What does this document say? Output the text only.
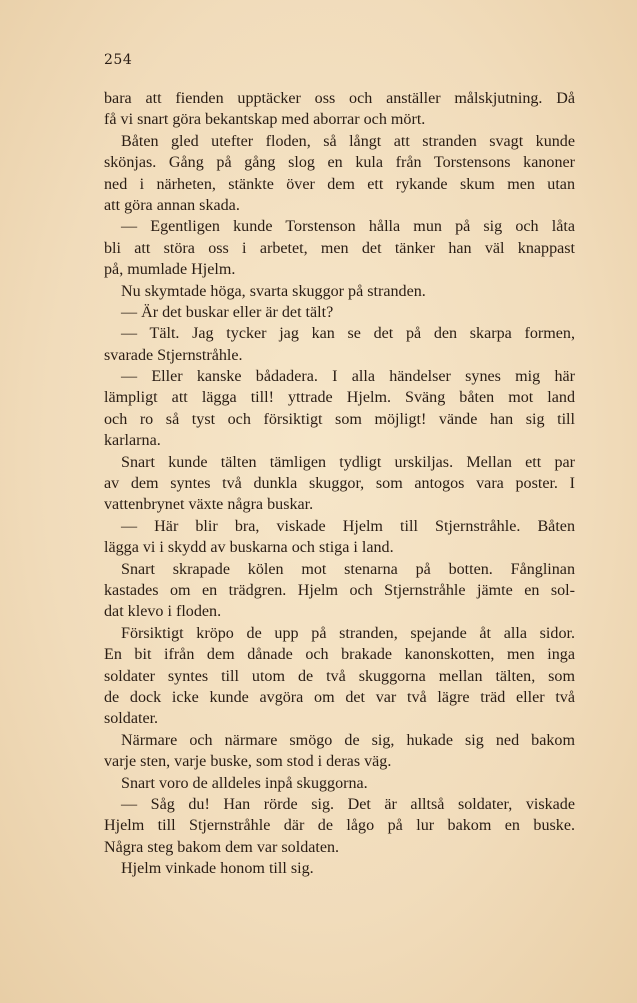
254
bara att fienden upptäcker oss och anställer målskjutning. Då
få vi snart göra bekantskap med aborrar och mört.
Båten gled utefter floden, så långt att stranden svagt kunde
skönjas. Gång på gång slog en kula från Torstensons kanoner
ned i närheten, stänkte över dem ett rykande skum men utan
att göra annan skada.
— Egentligen kunde Torstenson hålla mun på sig och låta
bli att störa oss i arbetet, men det tänker han väl knappast
på, mumlade Hjelm.
Nu skymtade höga, svarta skuggor på stranden.
— Är det buskar eller är det tält?
— Tält. Jag tycker jag kan se det på den skarpa formen,
svarade Stjernstråhle.
— Eller kanske bådadera. I alla händelser synes mig här
lämpligt att lägga till! yttrade Hjelm. Sväng båten mot land
och ro så tyst och försiktigt som möjligt! vände han sig till
karlarna.
Snart kunde tälten tämligen tydligt urskiljas. Mellan ett par
av dem syntes två dunkla skuggor, som antogos vara poster. I
vattenbrynet växte några buskar.
— Här blir bra, viskade Hjelm till Stjernstråhle. Båten
lägga vi i skydd av buskarna och stiga i land.
Snart skrapade kölen mot stenarna på botten. Fånglinan
kastades om en trädgren. Hjelm och Stjernstråhle jämte en sol-
dat klevo i floden.
Försiktigt kröpo de upp på stranden, spejande åt alla sidor.
En bit ifrån dem dånade och brakade kanonskotten, men inga
soldater syntes till utom de två skuggorna mellan tälten, som
de dock icke kunde avgöra om det var två lägre träd eller två
soldater.
Närmare och närmare smögo de sig, hukade sig ned bakom
varje sten, varje buske, som stod i deras väg.
Snart voro de alldeles inpå skuggorna.
— Såg du! Han rörde sig. Det är alltså soldater, viskade
Hjelm till Stjernstråhle där de lågo på lur bakom en buske.
Några steg bakom dem var soldaten.
Hjelm vinkade honom till sig.
